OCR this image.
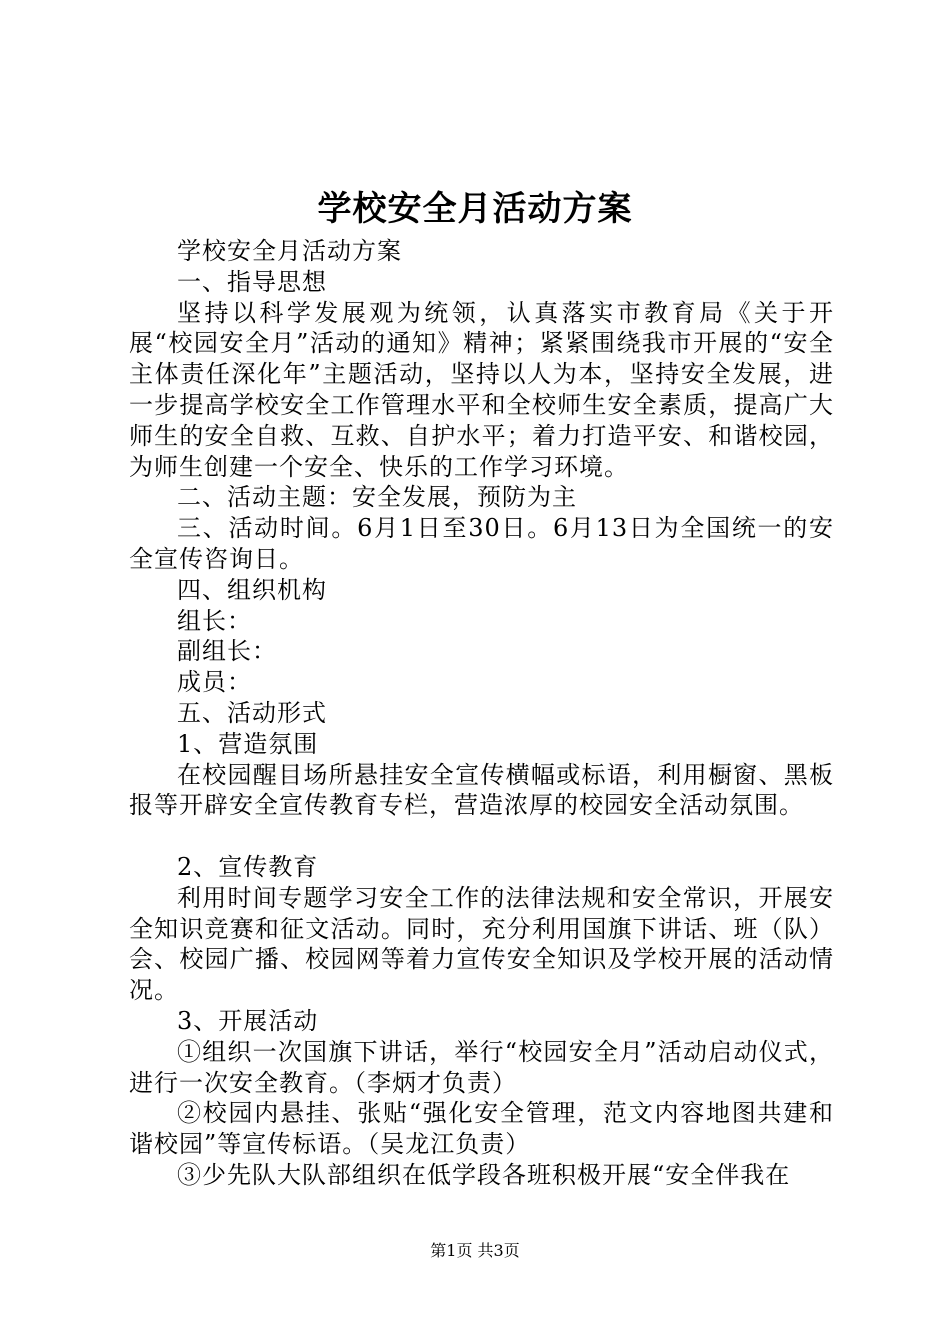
学校安全月活动方案

学校安全月活动方案

一、指导思想

坚持以科学发展观为统领，认真落实市教育局《关于开展“校园安全月”活动的通知》精神；紧紧围绕我市开展的“安全主体责任深化年”主题活动，坚持以人为本，坚持安全发展，进一步提高学校安全工作管理水平和全校师生安全素质，提高广大师生的安全自救、互救、自护水平；着力打造平安、和谐校园，为师生创建一个安全、快乐的工作学习环境。

二、活动主题：安全发展，预防为主

三、活动时间。6月1日至30日。6月13日为全国统一的安全宣传咨询日。

四、组织机构

组长：

副组长：

成员：

五、活动形式

1、营造氛围

在校园醒目场所悬挂安全宣传横幅或标语，利用橱窗、黑板报等开辟安全宣传教育专栏，营造浓厚的校园安全活动氛围。

2、宣传教育

利用时间专题学习安全工作的法律法规和安全常识，开展安全知识竞赛和征文活动。同时，充分利用国旗下讲话、班（队）会、校园广播、校园网等着力宣传安全知识及学校开展的活动情况。

3、开展活动

①组织一次国旗下讲话，举行“校园安全月”活动启动仪式，进行一次安全教育。（李炳才负责）

②校园内悬挂、张贴“强化安全管理，范文内容地图共建和谐校园”等宣传标语。（吴龙江负责）

③少先队大队部组织在低学段各班积极开展“安全伴我在

第1页 共3页
